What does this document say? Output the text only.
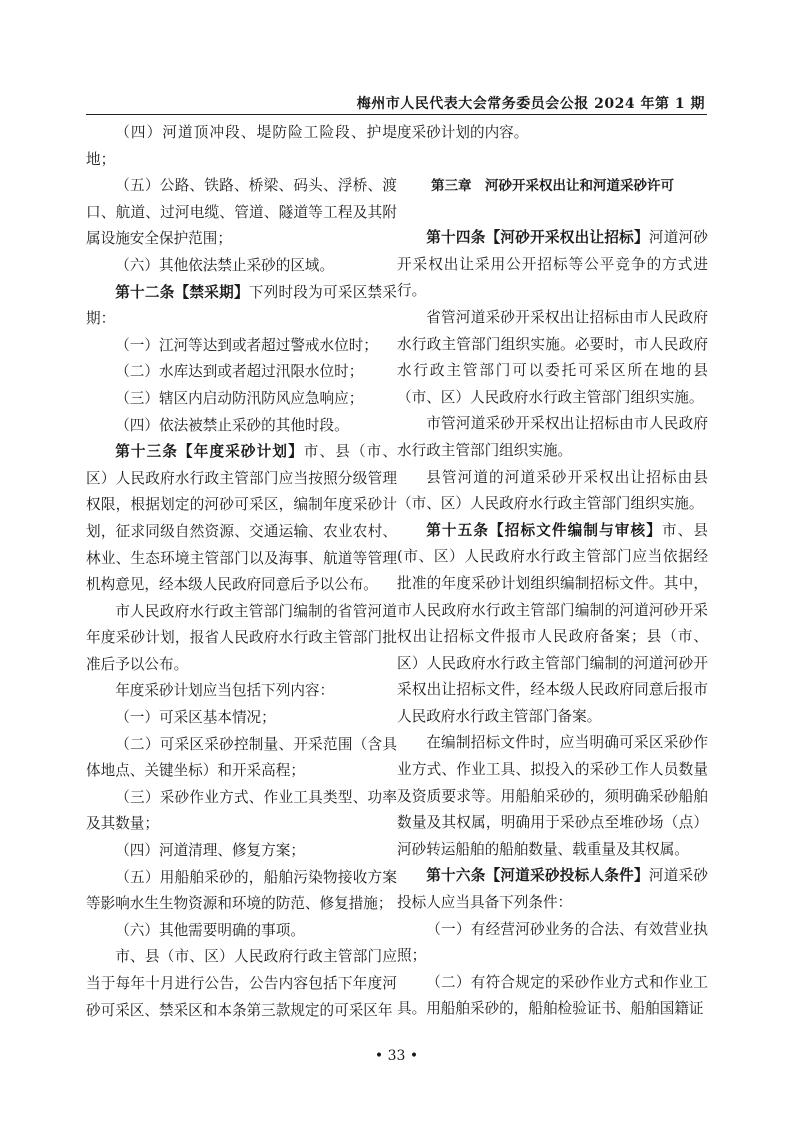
梅州市人民代表大会常务委员会公报 2024 年第 1 期

（四）河道顶冲段、堤防险工险段、护堤地；

（五）公路、铁路、桥梁、码头、浮桥、渡口、航道、过河电缆、管道、隧道等工程及其附属设施安全保护范围；

（六）其他依法禁止采砂的区域。

第十二条【禁采期】下列时段为可采区禁采期：

（一）江河等达到或者超过警戒水位时；

（二）水库达到或者超过汛限水位时；

（三）辖区内启动防汛防风应急响应；

（四）依法被禁止采砂的其他时段。

第十三条【年度采砂计划】市、县（市、区）人民政府水行政主管部门应当按照分级管理权限，根据划定的河砂可采区，编制年度采砂计划，征求同级自然资源、交通运输、农业农村、林业、生态环境主管部门以及海事、航道等管理机构意见，经本级人民政府同意后予以公布。

市人民政府水行政主管部门编制的省管河道年度采砂计划，报省人民政府水行政主管部门批准后予以公布。

年度采砂计划应当包括下列内容：

（一）可采区基本情况；

（二）可采区采砂控制量、开采范围（含具体地点、关键坐标）和开采高程；

（三）采砂作业方式、作业工具类型、功率及其数量；

（四）河道清理、修复方案；

（五）用船舶采砂的，船舶污染物接收方案等影响水生生物资源和环境的防范、修复措施；

（六）其他需要明确的事项。

市、县（市、区）人民政府行政主管部门应当于每年十月进行公告，公告内容包括下年度河砂可采区、禁采区和本条第三款规定的可采区年

度采砂计划的内容。

第三章　河砂开采权出让和河道采砂许可

第十四条【河砂开采权出让招标】河道河砂开采权出让采用公开招标等公平竞争的方式进行。

省管河道采砂开采权出让招标由市人民政府水行政主管部门组织实施。必要时，市人民政府水行政主管部门可以委托可采区所在地的县（市、区）人民政府水行政主管部门组织实施。

市管河道采砂开采权出让招标由市人民政府水行政主管部门组织实施。

县管河道的河道采砂开采权出让招标由县（市、区）人民政府水行政主管部门组织实施。

第十五条【招标文件编制与审核】市、县(市、区）人民政府水行政主管部门应当依据经批准的年度采砂计划组织编制招标文件。其中，市人民政府水行政主管部门编制的河道河砂开采权出让招标文件报市人民政府备案；县（市、区）人民政府水行政主管部门编制的河道河砂开采权出让招标文件，经本级人民政府同意后报市人民政府水行政主管部门备案。

在编制招标文件时，应当明确可采区采砂作业方式、作业工具、拟投入的采砂工作人员数量及资质要求等。用船舶采砂的，须明确采砂船舶数量及其权属，明确用于采砂点至堆砂场（点）河砂转运船舶的船舶数量、载重量及其权属。

第十六条【河道采砂投标人条件】河道采砂投标人应当具备下列条件：

（一）有经营河砂业务的合法、有效营业执照；

（二）有符合规定的采砂作业方式和作业工具。用船舶采砂的，船舶检验证书、船舶国籍证

• 33 •
